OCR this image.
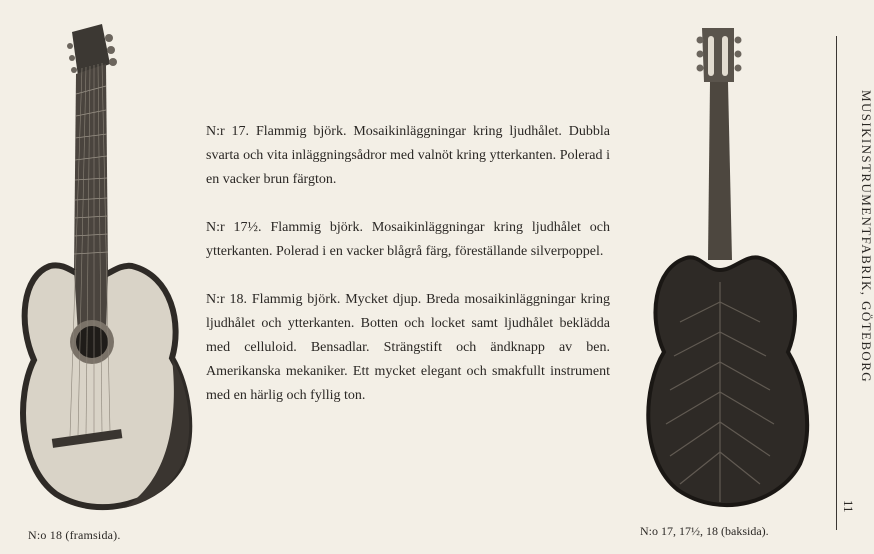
N:o 18 (framsida).

N:r 17. Flammig björk. Mosaikinläggningar kring ljudhålet. Dubbla svarta och vita inläggningsådror med valnöt kring ytterkanten. Polerad i en vacker brun färgton.

N:r 17½. Flammig björk. Mosaikinläggningar kring ljudhålet och ytterkanten. Polerad i en vacker blågrå färg, föreställande silverpoppel.

N:r 18. Flammig björk. Mycket djup. Breda mosaikinläggningar kring ljudhålet och ytterkanten. Botten och locket samt ljudhålet beklädda med celluloid. Bensadlar. Strängstift och ändknapp av ben. Amerikanska mekaniker. Ett mycket elegant och smakfullt instrument med en härlig och fyllig ton.

N:o 17, 17½, 18 (baksida).
MUSIKINSTRUMENTFABRIK, GÖTEBORG
11
